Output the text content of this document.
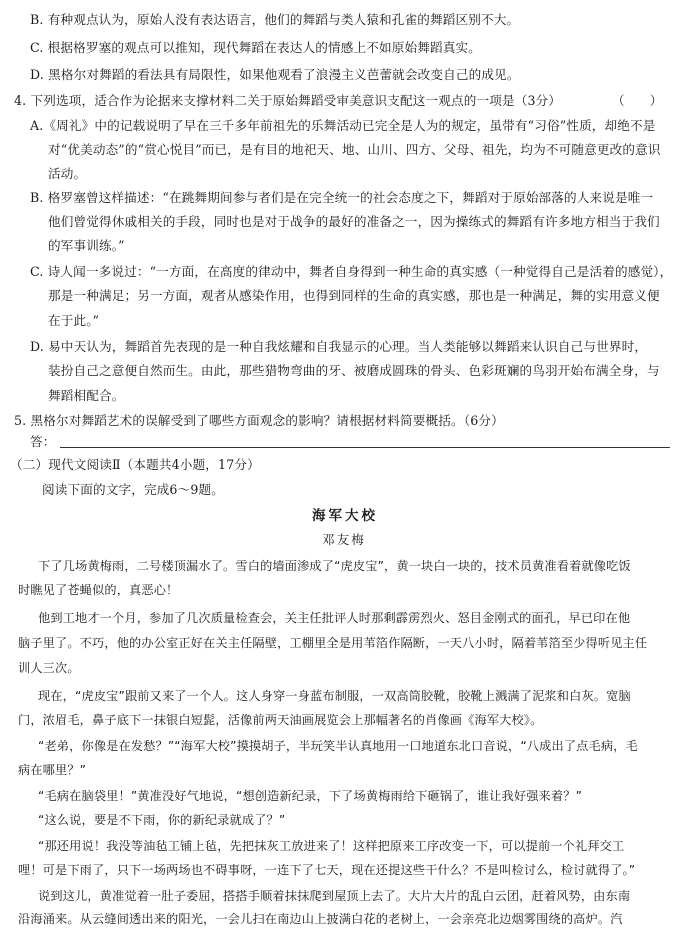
B. 有种观点认为，原始人没有表达语言，他们的舞蹈与类人猿和孔雀的舞蹈区别不大。
C. 根据格罗塞的观点可以推知，现代舞蹈在表达人的情感上不如原始舞蹈真实。
D. 黑格尔对舞蹈的看法具有局限性，如果他观看了浪漫主义芭蕾就会改变自己的成见。
4. 下列选项，适合作为论据来支撑材料二关于原始舞蹈受审美意识支配这一观点的一项是（3分）	（　　）
A.《周礼》中的记载说明了早在三千多年前祖先的乐舞活动已完全是人为的规定，虽带有“习俗”性质，却绝不是
对“优美动态”的“赏心悦目”而已，是有目的地祀天、地、山川、四方、父母、祖先，均为不可随意更改的意识
活动。
B. 格罗塞曾这样描述：“在跳舞期间参与者们是在完全统一的社会态度之下，舞蹈对于原始部落的人来说是唯一
他们曾觉得休戚相关的手段，同时也是对于战争的最好的准备之一，因为操练式的舞蹈有许多地方相当于我们
的军事训练。”
C. 诗人闻一多说过：“一方面，在高度的律动中，舞者自身得到一种生命的真实感（一种觉得自己是活着的感觉），
那是一种满足；另一方面，观者从感染作用，也得到同样的生命的真实感，那也是一种满足，舞的实用意义便
在于此。”
D. 易中天认为，舞蹈首先表现的是一种自我炫耀和自我显示的心理。当人类能够以舞蹈来认识自己与世界时，
装扮自己之意便自然而生。由此，那些猎物弯曲的牙、被磨成圆珠的骨头、色彩斑斓的鸟羽开始布满全身，与
舞蹈相配合。
5. 黑格尔对舞蹈艺术的误解受到了哪些方面观念的影响？请根据材料简要概括。（6分）
答：
（二）现代文阅读Ⅱ（本题共4小题，17分）
阅读下面的文字，完成6～9题。
海军大校
邓友梅
下了几场黄梅雨，二号楼顶漏水了。雪白的墙面渗成了“虎皮宝”，黄一块白一块的，技术员黄准看着就像吃饭
时瞧见了苍蝇似的，真恶心！
他到工地才一个月，参加了几次质量检查会，关主任批评人时那剩霹雳烈火、怒目金刚式的面孔，早已印在他
脑子里了。不巧，他的办公室正好在关主任隔壁，工棚里全是用苇箔作隔断，一天八小时，隔着苇箔至少得听见主任
训人三次。
现在，“虎皮宝”跟前又来了一个人。这人身穿一身蓝布制服，一双高筒胶靴，胶靴上溅满了泥浆和白灰。宽脑
门，浓眉毛，鼻子底下一抹银白短髭，活像前两天油画展览会上那幅著名的肖像画《海军大校》。
“老弟，你像是在发愁？”“海军大校”摸摸胡子，半玩笑半认真地用一口地道东北口音说，“八成出了点毛病，毛
病在哪里？”
“毛病在脑袋里！”黄准没好气地说，“想创造新纪录，下了场黄梅雨给下砸锅了，谁让我好强来着？”
“这么说，要是不下雨，你的新纪录就成了？”
“那还用说！我没等油毡工铺上毡，先把抹灰工放进来了！这样把原来工序改变一下，可以提前一个礼拜交工
哩！可是下雨了，只下一场两场也不碍事呀，一连下了七天，现在还提这些干什么？不是叫检讨么，检讨就得了。”
说到这儿，黄准觉着一肚子委屈，搭搭手顺着抹抹爬到屋顶上去了。大片大片的乱白云团，赶着风势，由东南
沿海涌来。从云缝间透出来的阳光，一会儿扫在南边山上披满白花的老树上，一会亲亮北边烟雾围绕的高炉。汽
